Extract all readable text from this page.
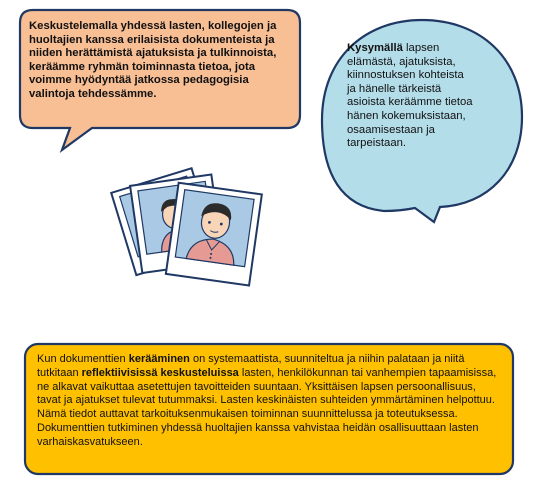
Keskustelemalla yhdessä lasten, kollegojen ja huoltajien kanssa erilaisista dokumenteista ja niiden herättämistä ajatuksista ja tulkinnoista, keräämme ryhmän toiminnasta tietoa, jota voimme hyödyntää jatkossa pedagogisia valintoja tehdessämme.
Kysymällä lapsen elämästä, ajatuksista, kiinnostuksen kohteista ja hänelle tärkeistä asioista keräämme tietoa hänen kokemuksistaan, osaamisestaan ja tarpeistaan.
Kun dokumenttien kerääminen on systemaattista, suunniteltua ja niihin palataan ja niitä tutkitaan reflektiivisissä keskusteluissa lasten, henkilökunnan tai vanhempien tapaamisissa, ne alkavat vaikuttaa asetettujen tavoitteiden suuntaan. Yksittäisen lapsen persoonallisuus, tavat ja ajatukset tulevat tutummaksi. Lasten keskinäisten suhteiden ymmärtäminen helpottuu. Nämä tiedot auttavat tarkoituksenmukaisen toiminnan suunnittelussa ja toteutuksessa. Dokumenttien tutkiminen yhdessä huoltajien kanssa vahvistaa heidän osallisuuttaan lasten varhaiskasvatukseen.
